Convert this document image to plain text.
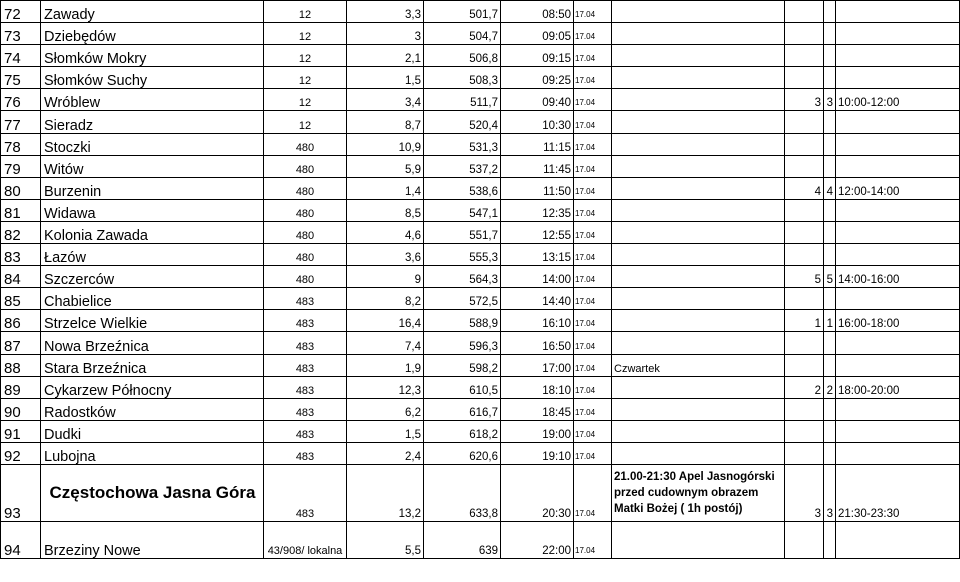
72	Zawady	12	3,3	501,7	08:50	17.04				
73	Dziebędów	12	3	504,7	09:05	17.04				
74	Słomków Mokry	12	2,1	506,8	09:15	17.04				
75	Słomków Suchy	12	1,5	508,3	09:25	17.04				
76	Wróblew	12	3,4	511,7	09:40	17.04		3	3	10:00-12:00
77	Sieradz	12	8,7	520,4	10:30	17.04				
78	Stoczki	480	10,9	531,3	11:15	17.04				
79	Witów	480	5,9	537,2	11:45	17.04				
80	Burzenin	480	1,4	538,6	11:50	17.04		4	4	12:00-14:00
81	Widawa	480	8,5	547,1	12:35	17.04				
82	Kolonia Zawada	480	4,6	551,7	12:55	17.04				
83	Łazów	480	3,6	555,3	13:15	17.04				
84	Szczerców	480	9	564,3	14:00	17.04		5	5	14:00-16:00
85	Chabielice	483	8,2	572,5	14:40	17.04				
86	Strzelce Wielkie	483	16,4	588,9	16:10	17.04		1	1	16:00-18:00
87	Nowa Brzeźnica	483	7,4	596,3	16:50	17.04				
88	Stara Brzeźnica	483	1,9	598,2	17:00	17.04	Czwartek			
89	Cykarzew Północny	483	12,3	610,5	18:10	17.04		2	2	18:00-20:00
90	Radostków	483	6,2	616,7	18:45	17.04				
91	Dudki	483	1,5	618,2	19:00	17.04				
92	Lubojna	483	2,4	620,6	19:10	17.04				
93	Częstochowa Jasna Góra	483	13,2	633,8	20:30	17.04	21.00-21:30 Apel Jasnogórski przed cudownym obrazem Matki Bożej ( 1h postój)	3	3	21:30-23:30
94	Brzeziny Nowe	43/908/ lokalna	5,5	639	22:00	17.04				
